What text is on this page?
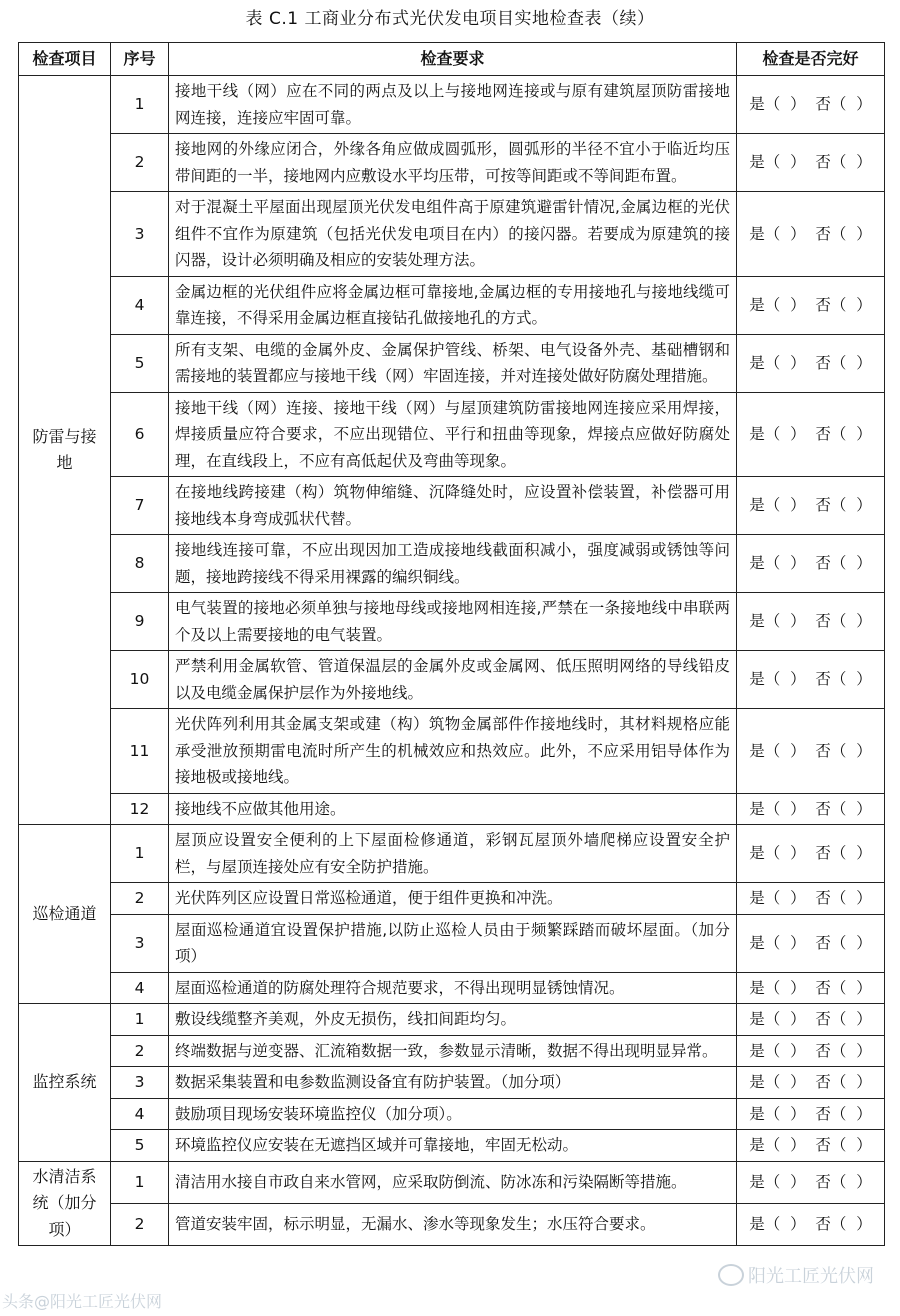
表 C.1 工商业分布式光伏发电项目实地检查表（续）
检查项目	序号	检查要求	检查是否完好
防雷与接地	1	接地干线（网）应在不同的两点及以上与接地网连接或与原有建筑屋顶防雷接地网连接，连接应牢固可靠。	是（  ）  否（  ）
	2	接地网的外缘应闭合，外缘各角应做成圆弧形，圆弧形的半径不宜小于临近均压带间距的一半，接地网内应敷设水平均压带，可按等间距或不等间距布置。	是（  ）  否（  ）
	3	对于混凝土平屋面出现屋顶光伏发电组件高于原建筑避雷针情况,金属边框的光伏组件不宜作为原建筑（包括光伏发电项目在内）的接闪器。若要成为原建筑的接闪器，设计必须明确及相应的安装处理方法。	是（  ）  否（  ）
	4	金属边框的光伏组件应将金属边框可靠接地,金属边框的专用接地孔与接地线缆可靠连接，不得采用金属边框直接钻孔做接地孔的方式。	是（  ）  否（  ）
	5	所有支架、电缆的金属外皮、金属保护管线、桥架、电气设备外壳、基础槽钢和需接地的装置都应与接地干线（网）牢固连接，并对连接处做好防腐处理措施。	是（  ）  否（  ）
	6	接地干线（网）连接、接地干线（网）与屋顶建筑防雷接地网连接应采用焊接，焊接质量应符合要求，不应出现错位、平行和扭曲等现象，焊接点应做好防腐处理，在直线段上，不应有高低起伏及弯曲等现象。	是（  ）  否（  ）
	7	在接地线跨接建（构）筑物伸缩缝、沉降缝处时，应设置补偿装置，补偿器可用接地线本身弯成弧状代替。	是（  ）  否（  ）
	8	接地线连接可靠，不应出现因加工造成接地线截面积减小，强度减弱或锈蚀等问题，接地跨接线不得采用裸露的编织铜线。	是（  ）  否（  ）
	9	电气装置的接地必须单独与接地母线或接地网相连接,严禁在一条接地线中串联两个及以上需要接地的电气装置。	是（  ）  否（  ）
	10	严禁利用金属软管、管道保温层的金属外皮或金属网、低压照明网络的导线铅皮以及电缆金属保护层作为外接地线。	是（  ）  否（  ）
	11	光伏阵列利用其金属支架或建（构）筑物金属部件作接地线时，其材料规格应能承受泄放预期雷电流时所产生的机械效应和热效应。此外，不应采用铝导体作为接地极或接地线。	是（  ）  否（  ）
	12	接地线不应做其他用途。	是（  ）  否（  ）
巡检通道	1	屋顶应设置安全便利的上下屋面检修通道，彩钢瓦屋顶外墙爬梯应设置安全护栏，与屋顶连接处应有安全防护措施。	是（  ）  否（  ）
	2	光伏阵列区应设置日常巡检通道，便于组件更换和冲洗。	是（  ）  否（  ）
	3	屋面巡检通道宜设置保护措施,以防止巡检人员由于频繁踩踏而破坏屋面。（加分项）	是（  ）  否（  ）
	4	屋面巡检通道的防腐处理符合规范要求，不得出现明显锈蚀情况。	是（  ）  否（  ）
监控系统	1	敷设线缆整齐美观，外皮无损伤，线扣间距均匀。	是（  ）  否（  ）
	2	终端数据与逆变器、汇流箱数据一致，参数显示清晰，数据不得出现明显异常。	是（  ）  否（  ）
	3	数据采集装置和电参数监测设备宜有防护装置。（加分项）	是（  ）  否（  ）
	4	鼓励项目现场安装环境监控仪（加分项）。	是（  ）  否（  ）
	5	环境监控仪应安装在无遮挡区域并可靠接地，牢固无松动。	是（  ）  否（  ）
水清洁系统（加分项）	1	清洁用水接自市政自来水管网，应采取防倒流、防冰冻和污染隔断等措施。	是（  ）  否（  ）
	2	管道安装牢固，标示明显，无漏水、渗水等现象发生；水压符合要求。	是（  ）  否（  ）
阳光工匠光伏网
头条@阳光工匠光伏网
